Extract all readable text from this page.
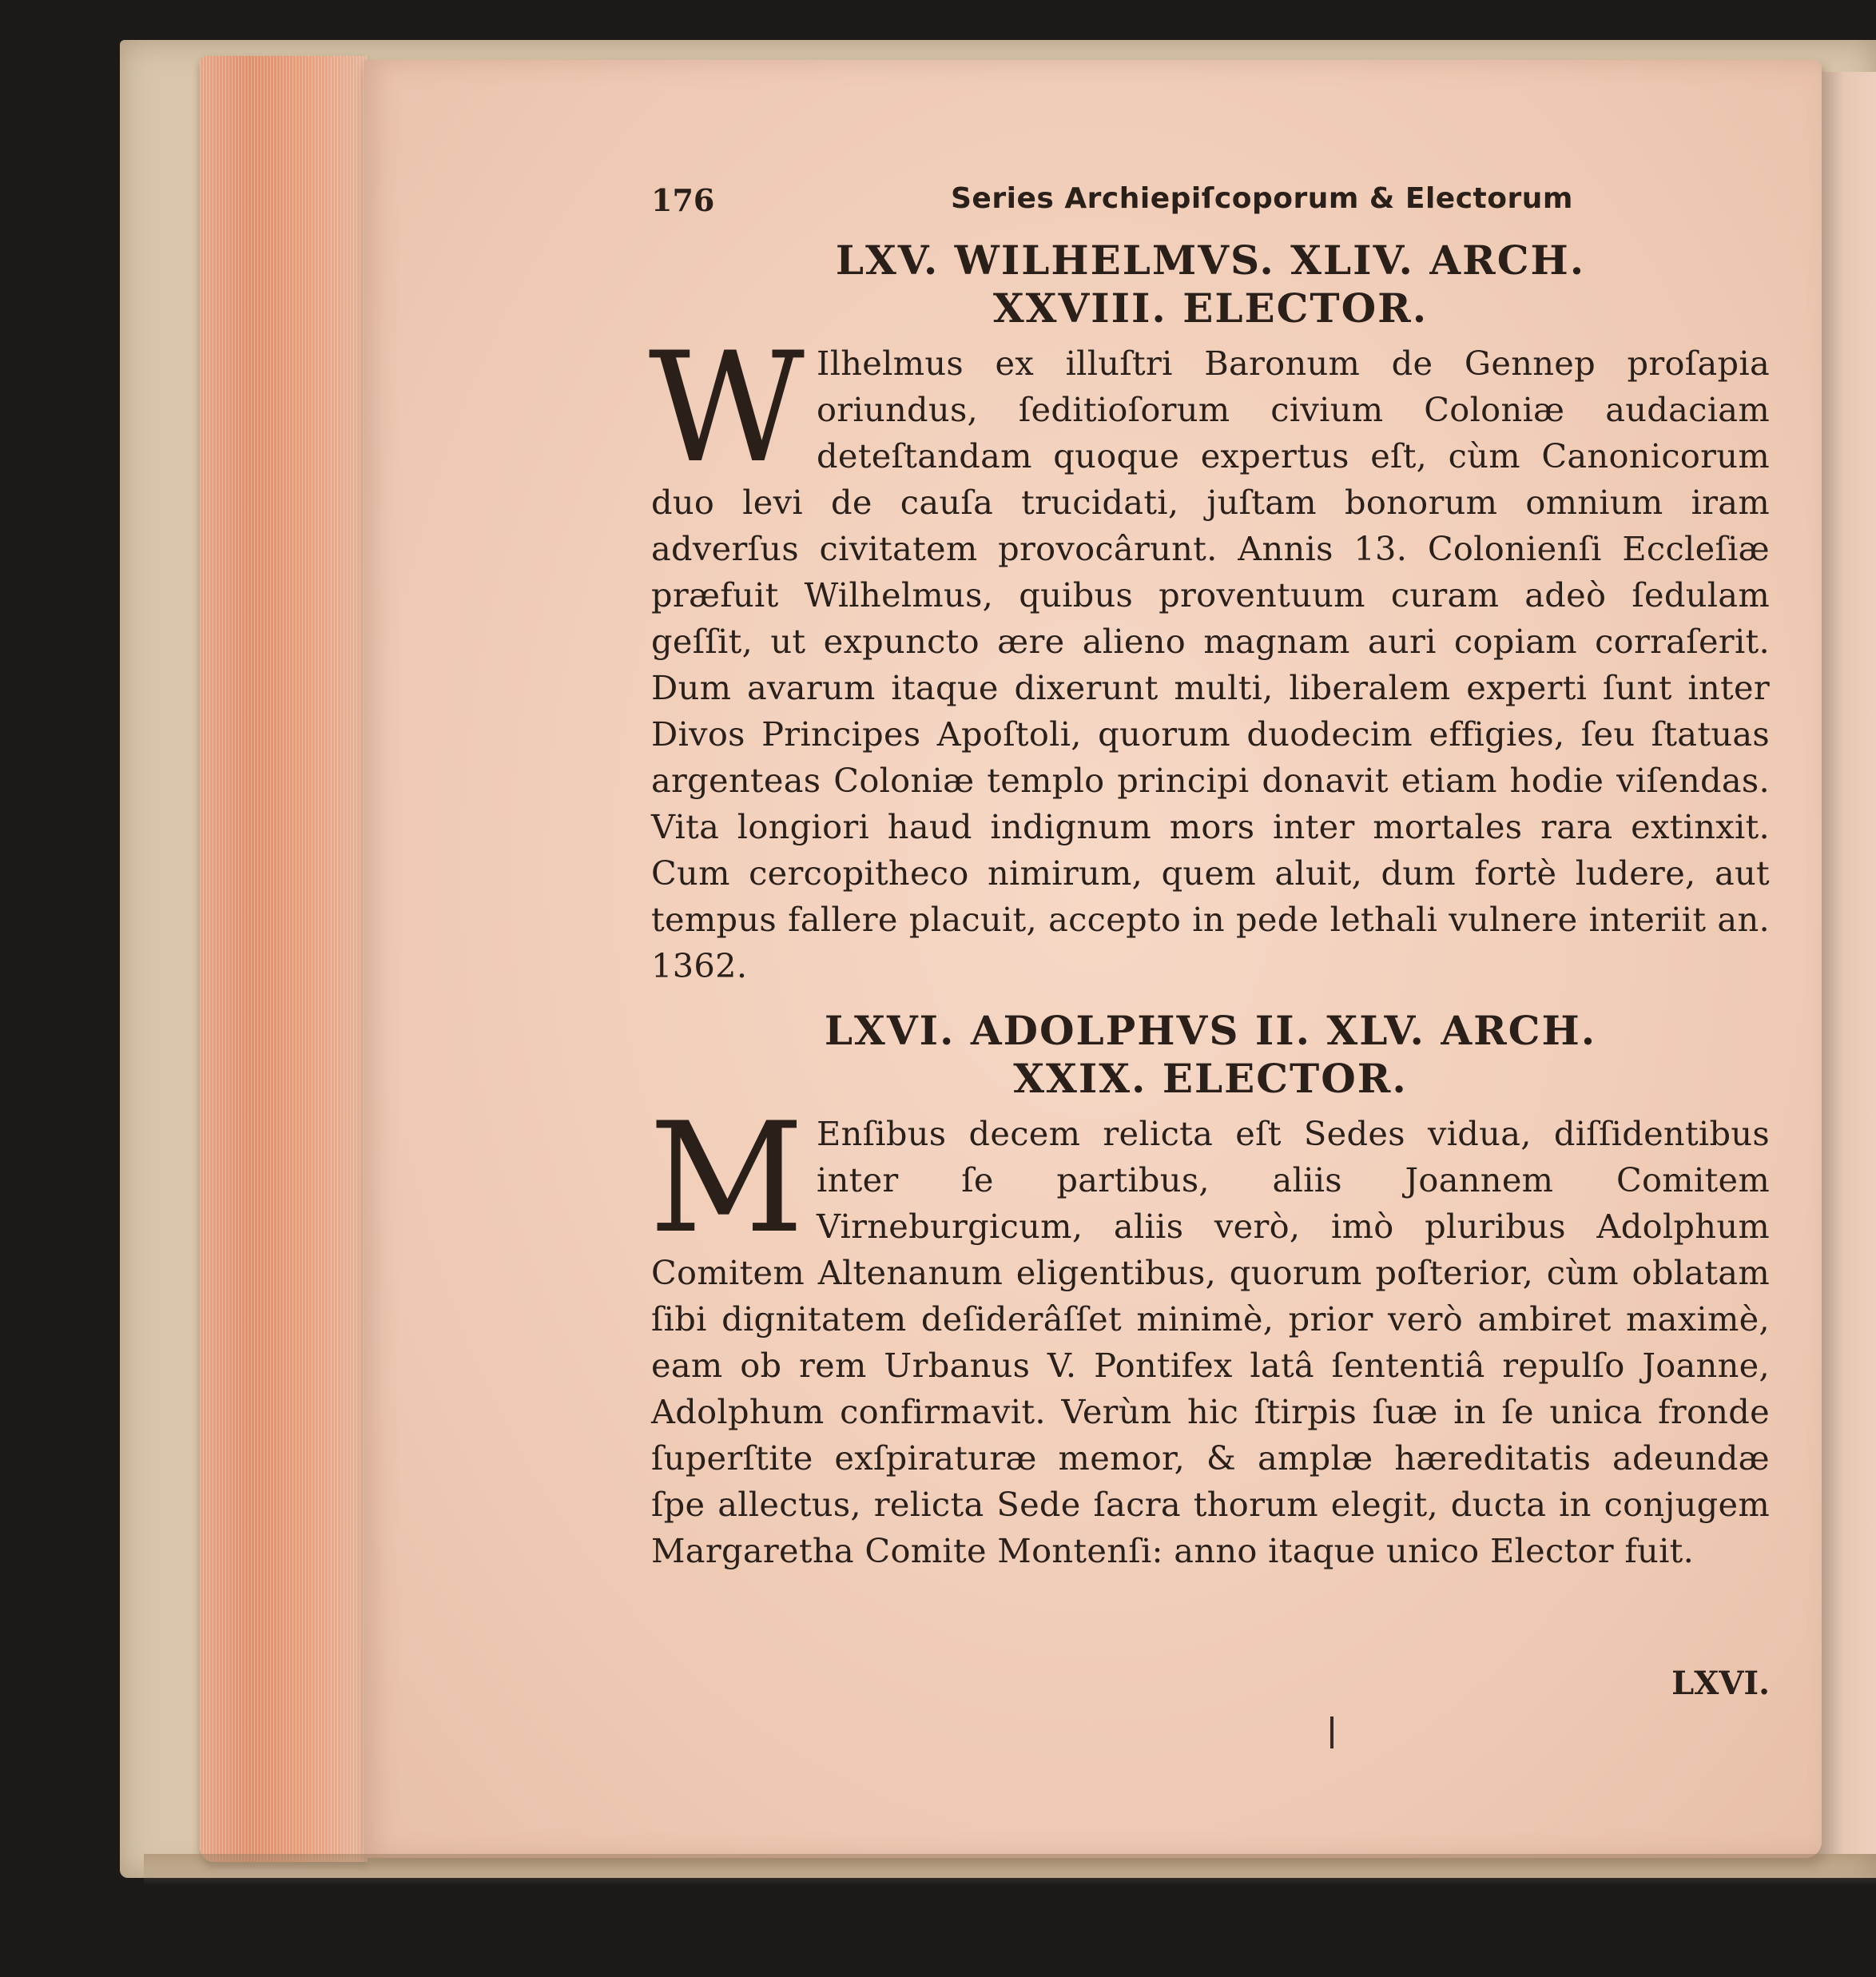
176	Series Archiepiſcoporum & Electorum
LXV. WILHELMVS. XLIV. ARCH.
XXVIII. ELECTOR.

W Ilhelmus ex illuſtri Baronum de Gennep proſapia oriundus, ſeditioſorum civium Coloniæ audaciam deteſtandam quoque expertus eſt, cùm Canonicorum duo levi de cauſa trucidati, juſtam bonorum omnium iram adverſus civitatem provocârunt. Annis 13. Colonienſi Eccleſiæ præfuit Wilhelmus, quibus proventuum curam adeò ſedulam geſſit, ut expuncto ære alieno magnam auri copiam corraſerit. Dum avarum itaque dixerunt multi, liberalem experti ſunt inter Divos Principes Apoſtoli, quorum duodecim effigies, ſeu ſtatuas argenteas Coloniæ templo principi donavit etiam hodie viſendas. Vita longiori haud indignum mors inter mortales rara extinxit. Cum cercopitheco nimirum, quem aluit, dum fortè ludere, aut tempus fallere placuit, accepto in pede lethali vulnere interiit an. 1362.

LXVI. ADOLPHVS II. XLV. ARCH.
XXIX. ELECTOR.

M Enſibus decem relicta eſt Sedes vidua, diſſidentibus inter ſe partibus, aliis Joannem Comitem Virneburgicum, aliis verò, imò pluribus Adolphum Comitem Altenanum eligentibus, quorum poſterior, cùm oblatam ſibi dignitatem deſiderâſſet minimè, prior verò ambiret maximè, eam ob rem Urbanus V. Pontifex latâ ſententiâ repulſo Joanne, Adolphum confirmavit. Verùm hic ſtirpis ſuæ in ſe unica fronde ſuperſtite exſpiraturæ memor, & amplæ hæreditatis adeundæ ſpe allectus, relicta Sede ſacra thorum elegit, ducta in conjugem Margaretha Comite Montenſi: anno itaque unico Elector fuit.

LXVI.
